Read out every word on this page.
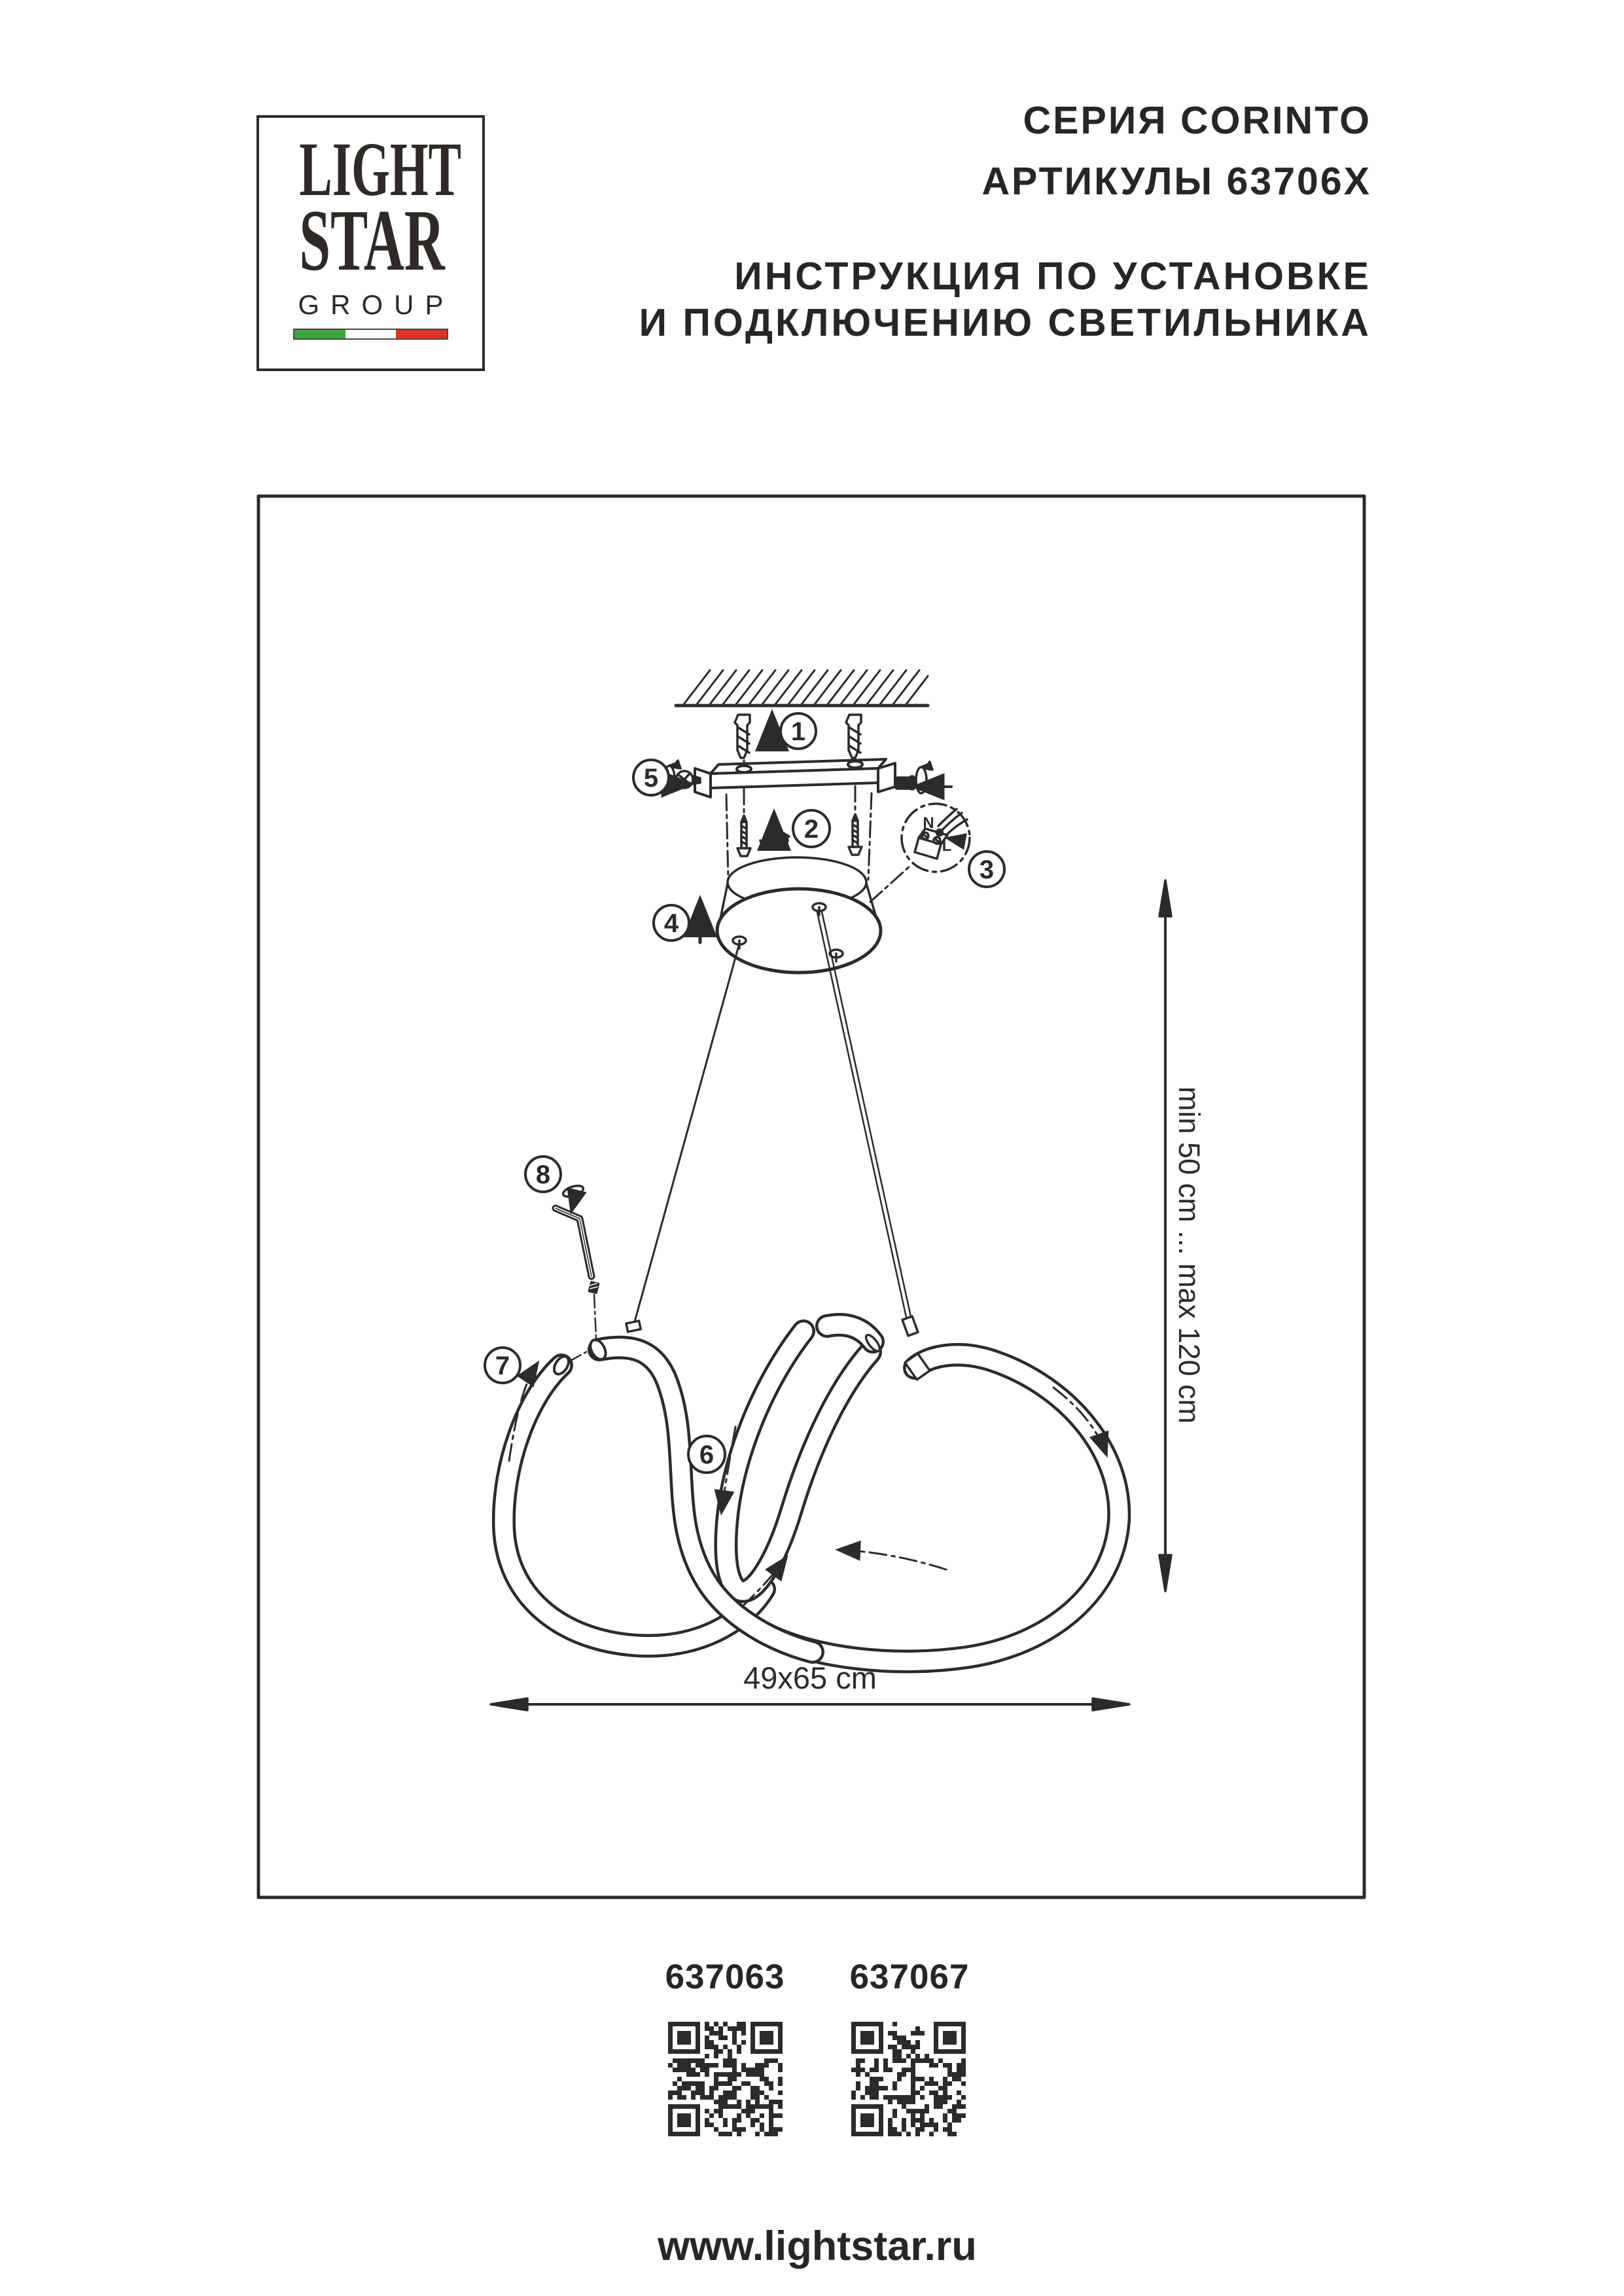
LIGHT
STAR
GROUP
СЕРИЯ CORINTO
АРТИКУЛЫ 63706X
ИНСТРУКЦИЯ ПО УСТАНОВКЕ
И ПОДКЛЮЧЕНИЮ СВЕТИЛЬНИКА
1
2
3
4
5
6
7
8
N
L
min 50 cm ... max 120 cm
49x65 cm
637063 637067
www.lightstar.ru
